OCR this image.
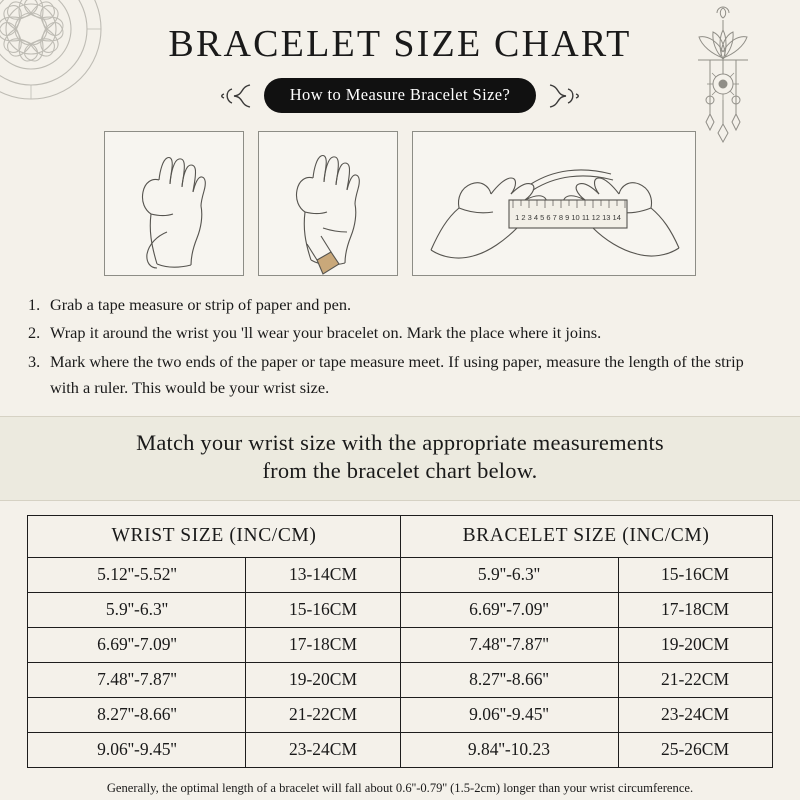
BRACELET SIZE CHART
How to Measure Bracelet Size?
1 2 3 4 5 6 7 8 9 10 11 12 13 14
1. Grab a tape measure or strip of paper and pen.
2. Wrap it around the wrist you 'll wear your bracelet on. Mark the place where it joins.
3. Mark where the two ends of the paper or tape measure meet. If using paper, measure the length of the strip with a ruler. This would be your wrist size.
Match your wrist size with the appropriate measurements
from the bracelet chart below.
WRIST SIZE (INC/CM)		BRACELET SIZE (INC/CM)	
5.12''-5.52''	13-14CM	5.9''-6.3''	15-16CM
5.9''-6.3''	15-16CM	6.69''-7.09''	17-18CM
6.69''-7.09''	17-18CM	7.48''-7.87''	19-20CM
7.48''-7.87''	19-20CM	8.27''-8.66''	21-22CM
8.27''-8.66''	21-22CM	9.06''-9.45''	23-24CM
9.06''-9.45''	23-24CM	9.84''-10.23	25-26CM
Generally, the optimal length of a bracelet will fall about 0.6''-0.79'' (1.5-2cm) longer than your wrist circumference.
